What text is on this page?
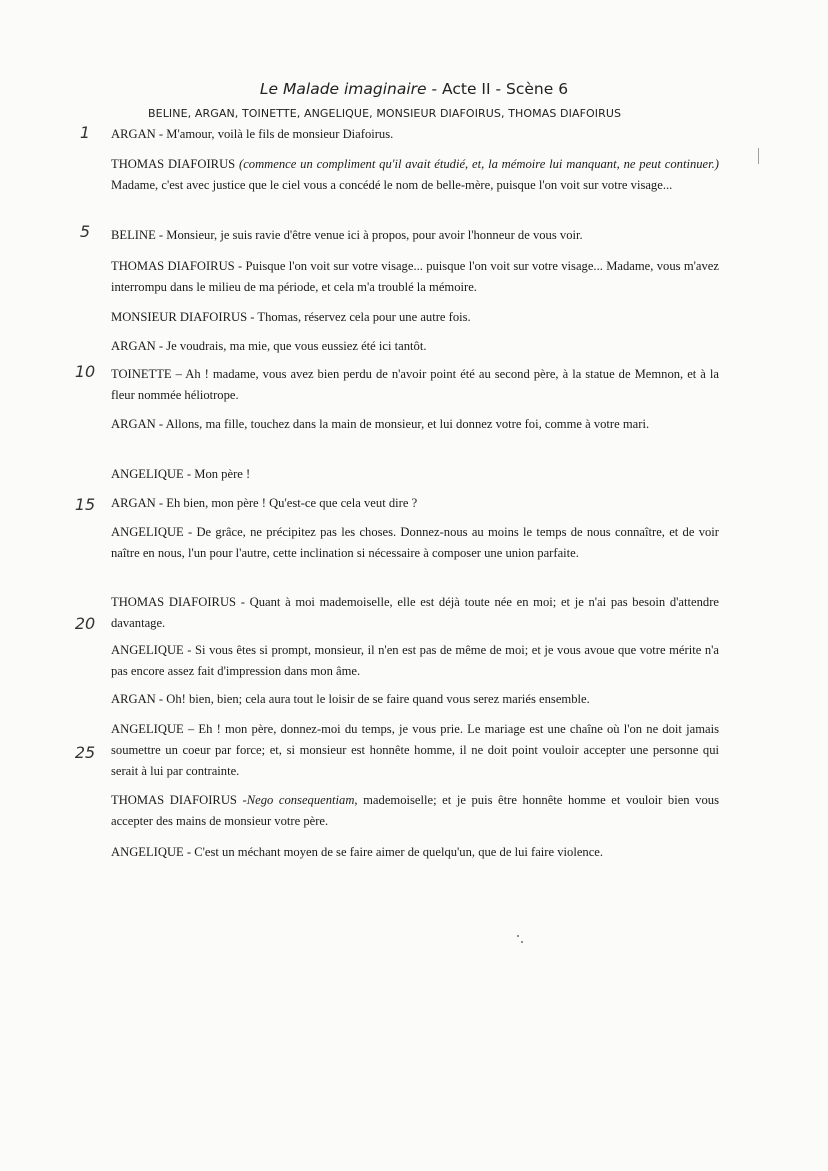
Le Malade imaginaire - Acte II - Scène 6
BELINE, ARGAN, TOINETTE, ANGELIQUE, MONSIEUR DIAFOIRUS, THOMAS DIAFOIRUS
1
5
10
15
20
25
ARGAN - M'amour, voilà le fils de monsieur Diafoirus.
THOMAS DIAFOIRUS (commence un compliment qu'il avait étudié, et, la mémoire lui manquant, ne peut continuer.) Madame, c'est avec justice que le ciel vous a concédé le nom de belle-mère, puisque l'on voit sur votre visage...
BELINE - Monsieur, je suis ravie d'être venue ici à propos, pour avoir l'honneur de vous voir.
THOMAS DIAFOIRUS - Puisque l'on voit sur votre visage... puisque l'on voit sur votre visage... Madame, vous m'avez interrompu dans le milieu de ma période, et cela m'a troublé la mémoire.
MONSIEUR DIAFOIRUS - Thomas, réservez cela pour une autre fois.
ARGAN - Je voudrais, ma mie, que vous eussiez été ici tantôt.
TOINETTE – Ah ! madame, vous avez bien perdu de n'avoir point été au second père, à la statue de Memnon, et à la fleur nommée héliotrope.
ARGAN - Allons, ma fille, touchez dans la main de monsieur, et lui donnez votre foi, comme à votre mari.
ANGELIQUE - Mon père !
ARGAN - Eh bien, mon père ! Qu'est-ce que cela veut dire ?
ANGELIQUE - De grâce, ne précipitez pas les choses. Donnez-nous au moins le temps de nous connaître, et de voir naître en nous, l'un pour l'autre, cette inclination si nécessaire à composer une union parfaite.
THOMAS DIAFOIRUS - Quant à moi mademoiselle, elle est déjà toute née en moi; et je n'ai pas besoin d'attendre davantage.
ANGELIQUE - Si vous êtes si prompt, monsieur, il n'en est pas de même de moi; et je vous avoue que votre mérite n'a pas encore assez fait d'impression dans mon âme.
ARGAN - Oh! bien, bien; cela aura tout le loisir de se faire quand vous serez mariés ensemble.
ANGELIQUE – Eh ! mon père, donnez-moi du temps, je vous prie. Le mariage est une chaîne où l'on ne doit jamais soumettre un coeur par force; et, si monsieur est honnête homme, il ne doit point vouloir accepter une personne qui serait à lui par contrainte.
THOMAS DIAFOIRUS -Nego consequentiam, mademoiselle; et je puis être honnête homme et vouloir bien vous accepter des mains de monsieur votre père.
ANGELIQUE - C'est un méchant moyen de se faire aimer de quelqu'un, que de lui faire violence.
